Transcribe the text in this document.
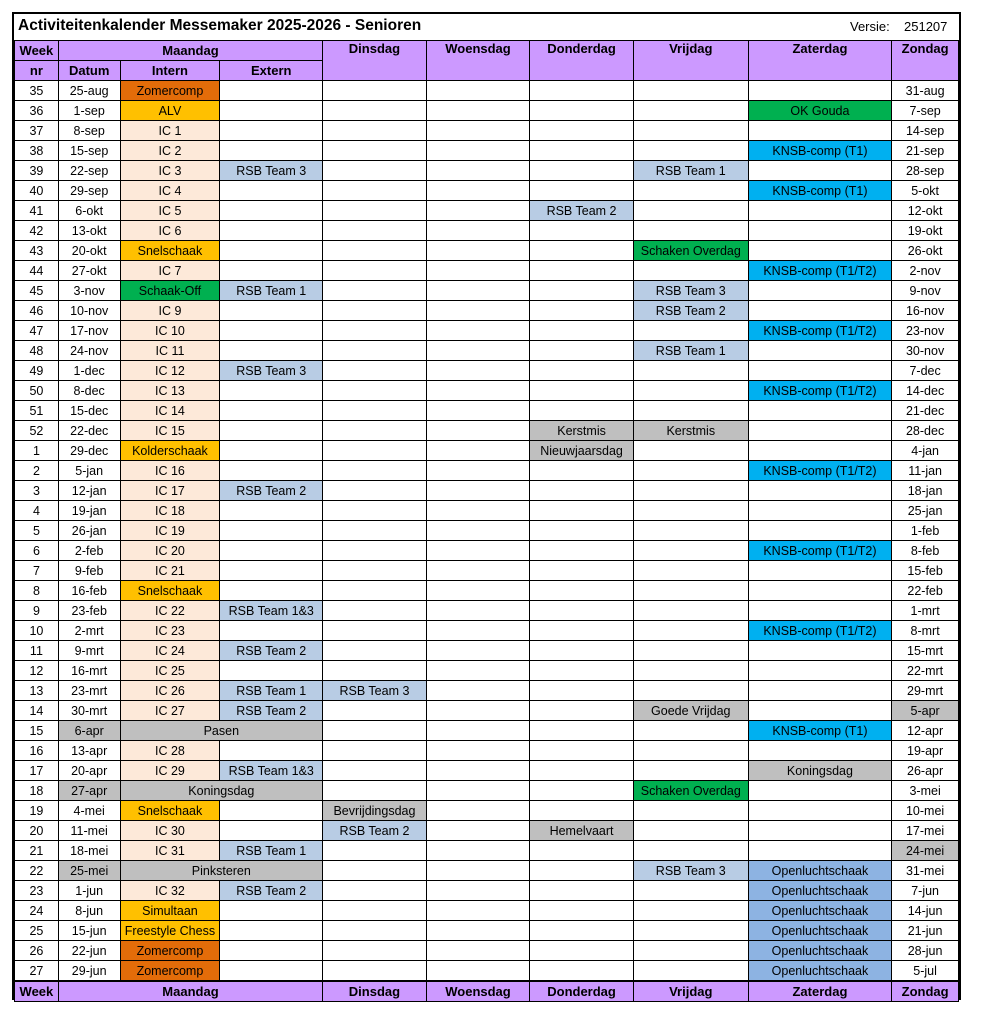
Activiteitenkalender Messemaker 2025-2026 - Senioren	Versie: 251207
Week	Maandag			Dinsdag	Woensdag	Donderdag	Vrijdag	Zaterdag	Zondag
nr	Datum	Intern	Extern						
35	25-aug	Zomercomp							31-aug
36	1-sep	ALV						OK Gouda	7-sep
37	8-sep	IC 1							14-sep
38	15-sep	IC 2						KNSB-comp (T1)	21-sep
39	22-sep	IC 3	RSB Team 3				RSB Team 1		28-sep
40	29-sep	IC 4						KNSB-comp (T1)	5-okt
41	6-okt	IC 5				RSB Team 2			12-okt
42	13-okt	IC 6							19-okt
43	20-okt	Snelschaak					Schaken Overdag		26-okt
44	27-okt	IC 7						KNSB-comp (T1/T2)	2-nov
45	3-nov	Schaak-Off	RSB Team 1				RSB Team 3		9-nov
46	10-nov	IC 9					RSB Team 2		16-nov
47	17-nov	IC 10						KNSB-comp (T1/T2)	23-nov
48	24-nov	IC 11					RSB Team 1		30-nov
49	1-dec	IC 12	RSB Team 3						7-dec
50	8-dec	IC 13						KNSB-comp (T1/T2)	14-dec
51	15-dec	IC 14							21-dec
52	22-dec	IC 15				Kerstmis	Kerstmis		28-dec
1	29-dec	Kolderschaak				Nieuwjaarsdag			4-jan
2	5-jan	IC 16						KNSB-comp (T1/T2)	11-jan
3	12-jan	IC 17	RSB Team 2						18-jan
4	19-jan	IC 18							25-jan
5	26-jan	IC 19							1-feb
6	2-feb	IC 20						KNSB-comp (T1/T2)	8-feb
7	9-feb	IC 21							15-feb
8	16-feb	Snelschaak							22-feb
9	23-feb	IC 22	RSB Team 1&3						1-mrt
10	2-mrt	IC 23						KNSB-comp (T1/T2)	8-mrt
11	9-mrt	IC 24	RSB Team 2						15-mrt
12	16-mrt	IC 25							22-mrt
13	23-mrt	IC 26	RSB Team 1	RSB Team 3					29-mrt
14	30-mrt	IC 27	RSB Team 2				Goede Vrijdag		5-apr
15	6-apr	Pasen						KNSB-comp (T1)	12-apr
16	13-apr	IC 28							19-apr
17	20-apr	IC 29	RSB Team 1&3					Koningsdag	26-apr
18	27-apr	Koningsdag					Schaken Overdag		3-mei
19	4-mei	Snelschaak		Bevrijdingsdag					10-mei
20	11-mei	IC 30		RSB Team 2		Hemelvaart			17-mei
21	18-mei	IC 31	RSB Team 1						24-mei
22	25-mei	Pinksteren					RSB Team 3	Openluchtschaak	31-mei
23	1-jun	IC 32	RSB Team 2					Openluchtschaak	7-jun
24	8-jun	Simultaan						Openluchtschaak	14-jun
25	15-jun	Freestyle Chess						Openluchtschaak	21-jun
26	22-jun	Zomercomp						Openluchtschaak	28-jun
27	29-jun	Zomercomp						Openluchtschaak	5-jul
Week	Maandag			Dinsdag	Woensdag	Donderdag	Vrijdag	Zaterdag	Zondag
